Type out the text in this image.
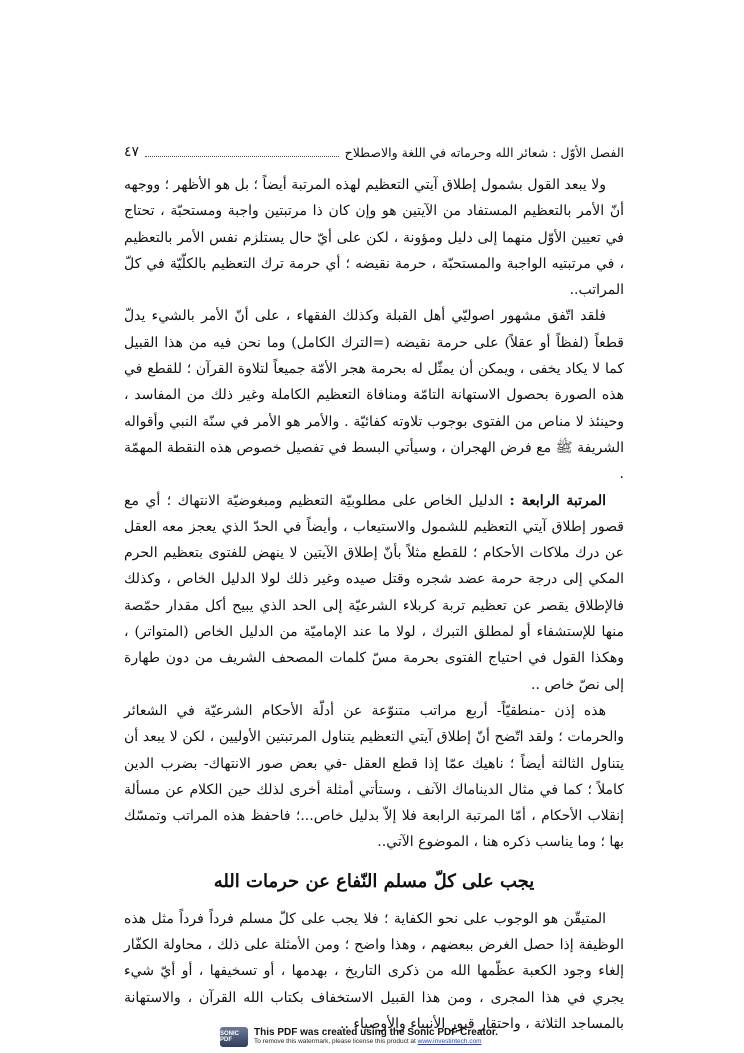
الفصل الأوّل : شعائر الله وحرماته في اللغة والاصطلاح
٤٧

ولا يبعد القول بشمول إطلاق آيتي التعظيم لهذه المرتبة أيضاً ؛ بل هو الأظهر ؛ ووجهه أنّ الأمر بالتعظيم المستفاد من الآيتين هو وإن كان ذا مرتبتين واجبة ومستحبّة ، تحتاج في تعيين الأوّل منهما إلى دليل ومؤونة ، لكن على أيّ حال يستلزم نفس الأمر بالتعظيم ، في مرتبتيه الواجبة والمستحبّة ، حرمة نقيضه ؛ أي حرمة ترك التعظيم بالكلّيّة في كلّ المراتب..

فلقد اتّفق مشهور اصوليّي أهل القبلة وكذلك الفقهاء ، على أنّ الأمر بالشيء يدلّ قطعاً (لفظاً أو عقلاً) على حرمة نقيضه (=الترك الكامل) وما نحن فيه من هذا القبيل كما لا يكاد يخفى ، ويمكن أن يمثّل له بحرمة هجر الأمّة جميعاً لتلاوة القرآن ؛ للقطع في هذه الصورة بحصول الاستهانة التامّة ومنافاة التعظيم الكاملة وغير ذلك من المفاسد ، وحينئذ لا مناص من الفتوى بوجوب تلاوته كفائيّة . والأمر هو الأمر في سنّة النبي وأقواله الشريفة ﷺ مع فرض الهجران ، وسيأتي البسط في تفصيل خصوص هذه النقطة المهمّة .

المرتبة الرابعة : الدليل الخاص على مطلوبيّة التعظيم ومبغوضيّة الانتهاك ؛ أي مع قصور إطلاق آيتي التعظيم للشمول والاستيعاب ، وأيضاً في الحدّ الذي يعجز معه العقل عن درك ملاكات الأحكام ؛ للقطع مثلاً بأنّ إطلاق الآيتين لا ينهض للفتوى بتعظيم الحرم المكي إلى درجة حرمة عضد شجره وقتل صيده وغير ذلك لولا الدليل الخاص ، وكذلك فالإطلاق يقصر عن تعظيم تربة كربلاء الشرعيّة إلى الحد الذي يبيح أكل مقدار حمّصة منها للإستشفاء أو لمطلق التبرك ، لولا ما عند الإماميّة من الدليل الخاص (المتواتر) ، وهكذا القول في احتياج الفتوى بحرمة مسّ كلمات المصحف الشريف من دون طهارة إلى نصّ خاص ..

هذه إذن -منطقيّاً- أربع مراتب متنوّعة عن أدلّة الأحكام الشرعيّة في الشعائر والحرمات ؛ ولقد اتّضح أنّ إطلاق آيتي التعظيم يتناول المرتبتين الأوليين ، لكن لا يبعد أن يتناول الثالثة أيضاً ؛ ناهيك عمّا إذا قطع العقل -في بعض صور الانتهاك- بضرب الدين كاملاً ؛ كما في مثال الديناماك الآنف ، وستأتي أمثلة أخرى لذلك حين الكلام عن مسألة إنقلاب الأحكام ، أمّا المرتبة الرابعة فلا إلاّ بدليل خاص...؛ فاحفظ هذه المراتب وتمسّك بها ؛ وما يناسب ذكره هنا ، الموضوع الآتي..

يجب على كلّ مسلم النّفاع عن حرمات الله

المتيقّن هو الوجوب على نحو الكفاية ؛ فلا يجب على كلّ مسلم فرداً فرداً مثل هذه الوظيفة إذا حصل الغرض ببعضهم ، وهذا واضح ؛ ومن الأمثلة على ذلك ، محاولة الكفّار إلغاء وجود الكعبة عظّمها الله من ذكرى التاريخ ، بهدمها ، أو تسخيفها ، أو أيّ شيء يجري في هذا المجرى ، ومن هذا القبيل الاستخفاف بكتاب الله القرآن ، والاستهانة بالمساجد الثلاثة ، واحتقار قبور الأنبياء والأوصياء ..

SONIC PDF
This PDF was created using the Sonic PDF Creator.
To remove this watermark, please license this product at www.investintech.com
